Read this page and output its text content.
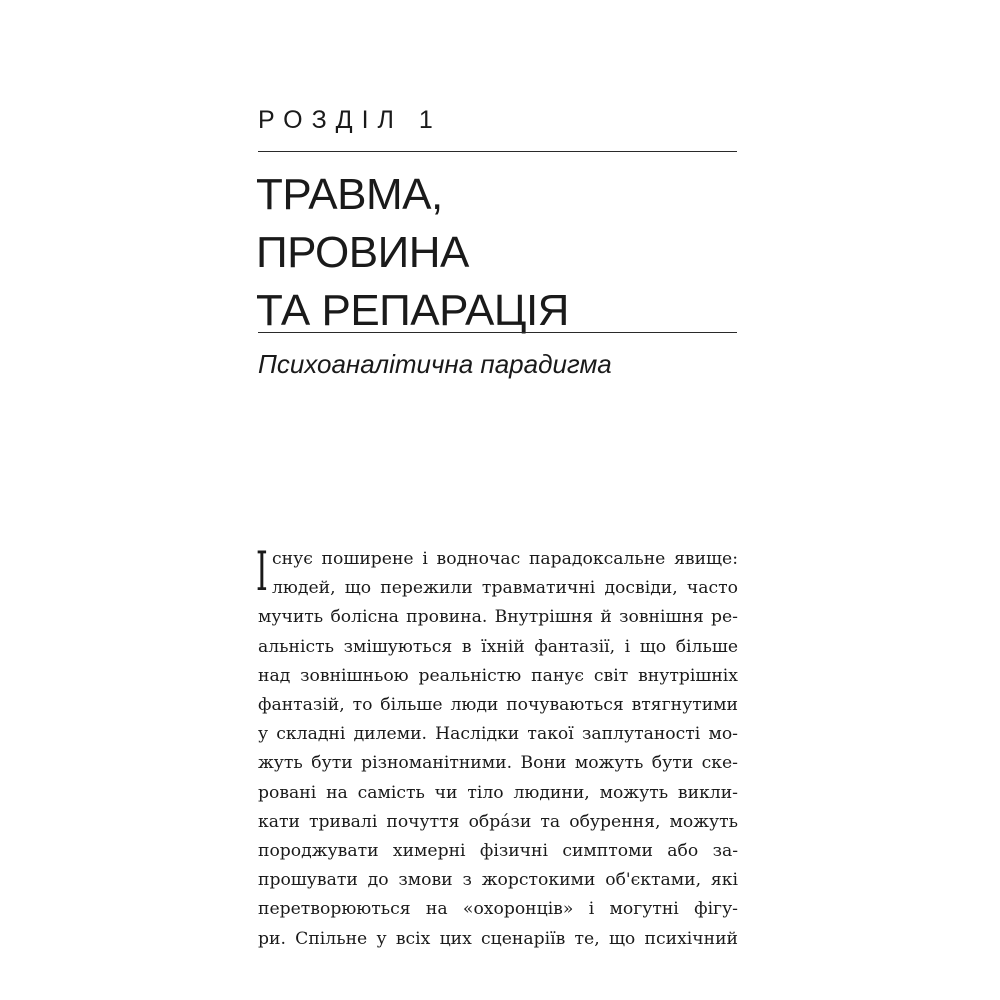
РОЗДІЛ 1
ТРАВМА,
ПРОВИНА
ТА РЕПАРАЦІЯ
Психоаналітична парадигма
І снує поширене і водночас парадоксальне явище:
людей, що пережили травматичні досвіди, часто
мучить болісна провина. Внутрішня й зовнішня ре-
альність змішуються в їхній фантазії, і що більше
над зовнішньою реальністю панує світ внутрішніх
фантазій, то більше люди почуваються втягнутими
у складні дилеми. Наслідки такої заплутаності мо-
жуть бути різноманітними. Вони можуть бути ске-
ровані на самість чи тіло людини, можуть викли-
кати тривалі почуття обрáзи та обурення, можуть
породжувати химерні фізичні симптоми або за-
прошувати до змови з жорстокими об'єктами, які
перетворюються на «охоронців» і могутні фігу-
ри. Спільне у всіх цих сценаріїв те, що психічний
